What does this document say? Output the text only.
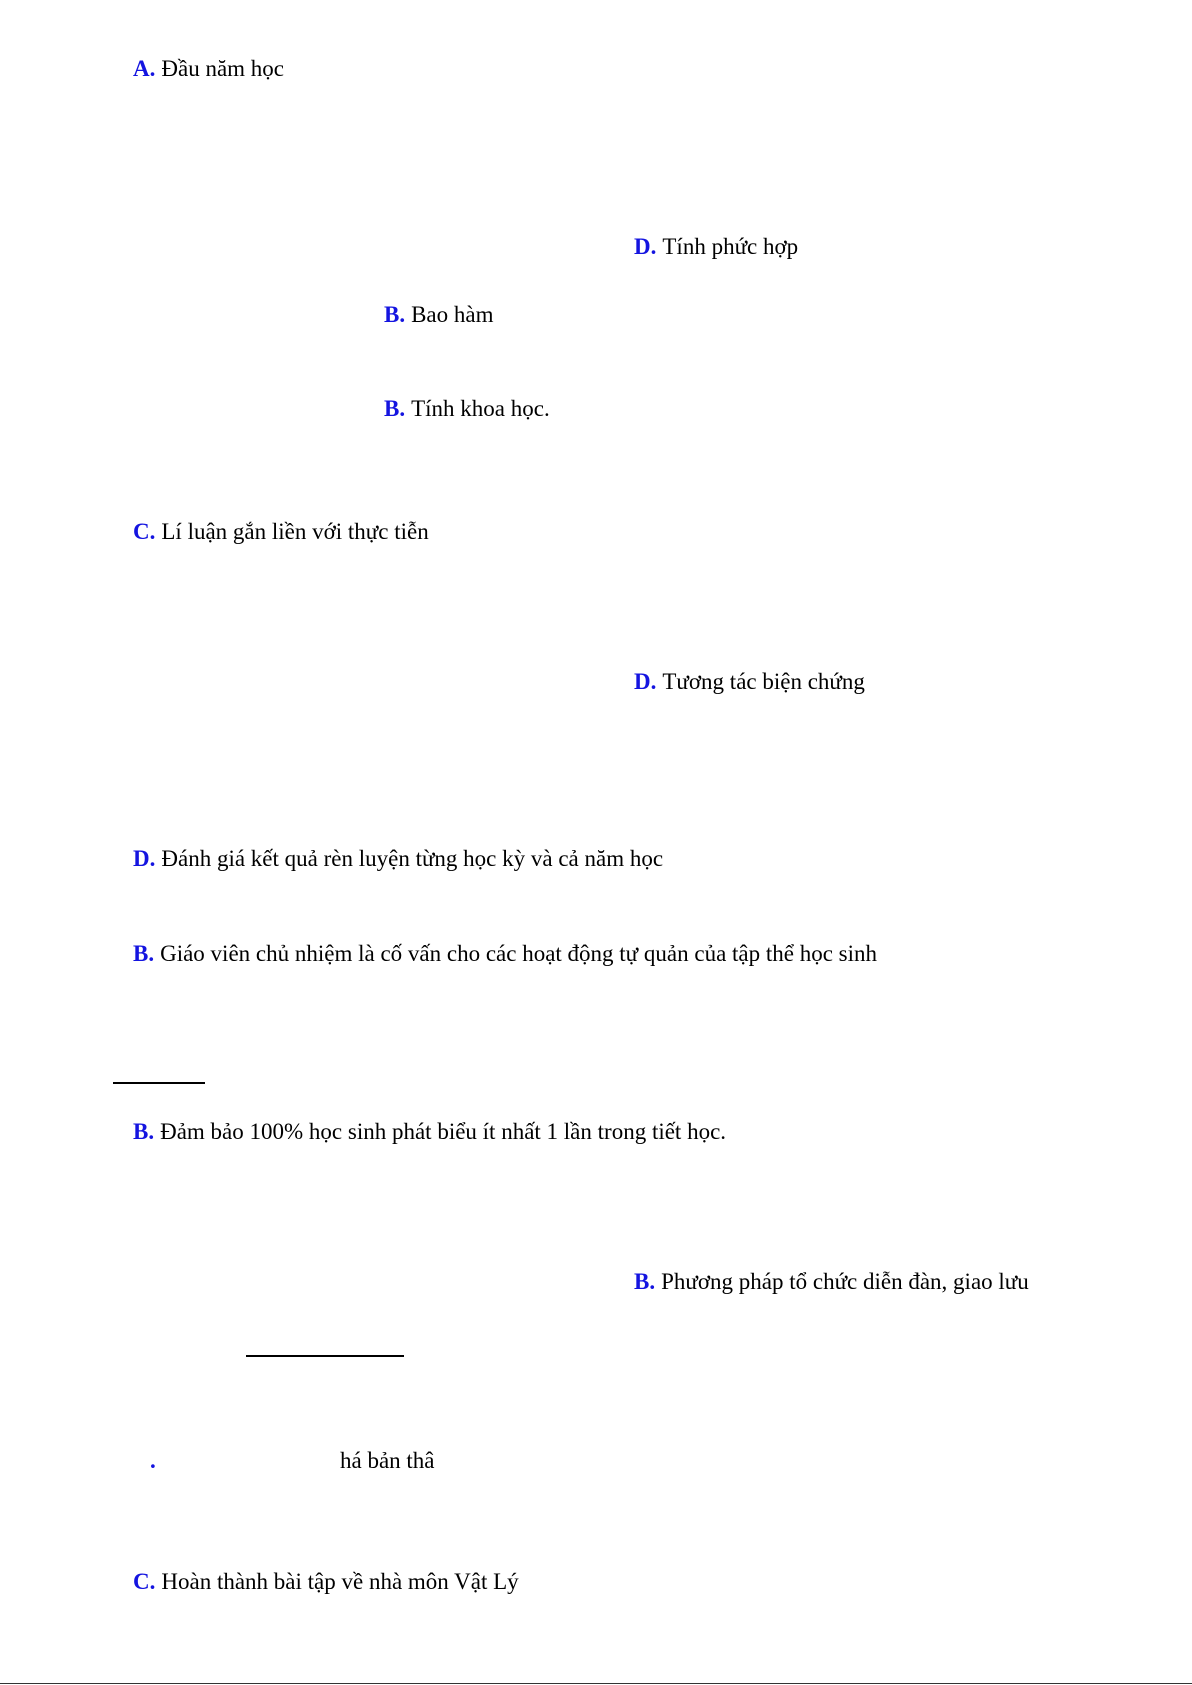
A. Đầu năm học
D. Tính phức hợp
B. Bao hàm
B. Tính khoa học.
C. Lí luận gắn liền với thực tiễn
D. Tương tác biện chứng
D. Đánh giá kết quả rèn luyện từng học kỳ và cả năm học
B. Giáo viên chủ nhiệm là cố vấn cho các hoạt động tự quản của tập thể học sinh
B. Đảm bảo 100% học sinh phát biểu ít nhất 1 lần trong tiết học.
B. Phương pháp tổ chức diễn đàn, giao lưu
.	há bản thâ
C. Hoàn thành bài tập về nhà môn Vật Lý
